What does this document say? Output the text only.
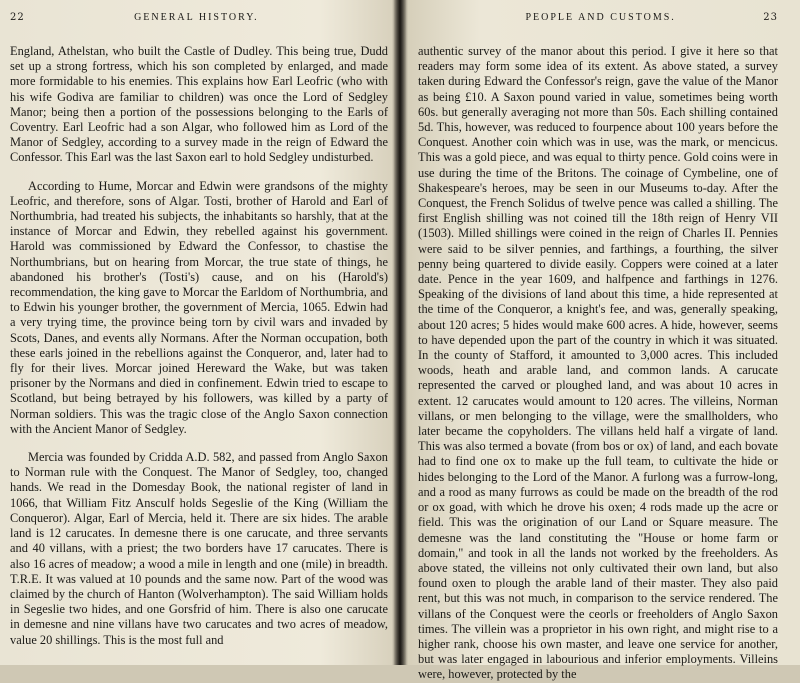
22	GENERAL HISTORY.

England, Athelstan, who built the Castle of Dudley. This being true, Dudd set up a strong fortress, which his son completed by enlarged, and made more formidable to his enemies. This explains how Earl Leofric (who with his wife Godiva are familiar to children) was once the Lord of Sedgley Manor; being then a portion of the possessions belonging to the Earls of Coventry. Earl Leofric had a son Algar, who followed him as Lord of the Manor of Sedgley, according to a survey made in the reign of Edward the Confessor. This Earl was the last Saxon earl to hold Sedgley undisturbed.

According to Hume, Morcar and Edwin were grandsons of the mighty Leofric, and therefore, sons of Algar. Tosti, brother of Harold and Earl of Northumbria, had treated his subjects, the inhabitants so harshly, that at the instance of Morcar and Edwin, they rebelled against his government. Harold was commissioned by Edward the Confessor, to chastise the Northumbrians, but on hearing from Morcar, the true state of things, he abandoned his brother's (Tosti's) cause, and on his (Harold's) recommendation, the king gave to Morcar the Earldom of Northumbria, and to Edwin his younger brother, the government of Mercia, 1065. Edwin had a very trying time, the province being torn by civil wars and invaded by Scots, Danes, and events ally Normans. After the Norman occupation, both these earls joined in the rebellions against the Conqueror, and, later had to fly for their lives. Morcar joined Hereward the Wake, but was taken prisoner by the Normans and died in confinement. Edwin tried to escape to Scotland, but being betrayed by his followers, was killed by a party of Norman soldiers. This was the tragic close of the Anglo Saxon connection with the Ancient Manor of Sedgley.

Mercia was founded by Cridda A.D. 582, and passed from Anglo Saxon to Norman rule with the Conquest. The Manor of Sedgley, too, changed hands. We read in the Domesday Book, the national register of land in 1066, that William Fitz Ansculf holds Segeslie of the King (William the Conqueror). Algar, Earl of Mercia, held it. There are six hides. The arable land is 12 carucates. In demesne there is one carucate, and three servants and 40 villans, with a priest; the two borders have 17 carucates. There is also 16 acres of meadow; a wood a mile in length and one (mile) in breadth. T.R.E. It was valued at 10 pounds and the same now. Part of the wood was claimed by the church of Hanton (Wolverhampton). The said William holds in Segeslie two hides, and one Gorsfrid of him. There is also one carucate in demesne and nine villans have two carucates and two acres of meadow, value 20 shillings. This is the most full and

PEOPLE AND CUSTOMS.	23

authentic survey of the manor about this period. I give it here so that readers may form some idea of its extent. As above stated, a survey taken during Edward the Confessor's reign, gave the value of the Manor as being £10. A Saxon pound varied in value, sometimes being worth 60s. but generally averaging not more than 50s. Each shilling contained 5d. This, however, was reduced to fourpence about 100 years before the Conquest. Another coin which was in use, was the mark, or mencicus. This was a gold piece, and was equal to thirty pence. Gold coins were in use during the time of the Britons. The coinage of Cymbeline, one of Shakespeare's heroes, may be seen in our Museums to-day. After the Conquest, the French Solidus of twelve pence was called a shilling. The first English shilling was not coined till the 18th reign of Henry VII (1503). Milled shillings were coined in the reign of Charles II. Pennies were said to be silver pennies, and farthings, a fourthing, the silver penny being quartered to divide easily. Coppers were coined at a later date. Pence in the year 1609, and halfpence and farthings in 1276. Speaking of the divisions of land about this time, a hide represented at the time of the Conqueror, a knight's fee, and was, generally speaking, about 120 acres; 5 hides would make 600 acres. A hide, however, seems to have depended upon the part of the country in which it was situated. In the county of Stafford, it amounted to 3,000 acres. This included woods, heath and arable land, and common lands. A carucate represented the carved or ploughed land, and was about 10 acres in extent. 12 carucates would amount to 120 acres. The villeins, Norman villans, or men belonging to the village, were the smallholders, who later became the copyholders. The villans held half a virgate of land. This was also termed a bovate (from bos or ox) of land, and each bovate had to find one ox to make up the full team, to cultivate the hide or hides belonging to the Lord of the Manor. A furlong was a furrow-long, and a rood as many furrows as could be made on the breadth of the rod or ox goad, with which he drove his oxen; 4 rods made up the acre or field. This was the origination of our Land or Square measure. The demesne was the land constituting the "House or home farm or domain," and took in all the lands not worked by the freeholders. As above stated, the villeins not only cultivated their own land, but also found oxen to plough the arable land of their master. They also paid rent, but this was not much, in comparison to the service rendered. The villans of the Conquest were the ceorls or freeholders of Anglo Saxon times. The villein was a proprietor in his own right, and might rise to a higher rank, choose his own master, and leave one service for another, but was later engaged in labourious and inferior employments. Villeins were, however, protected by the
